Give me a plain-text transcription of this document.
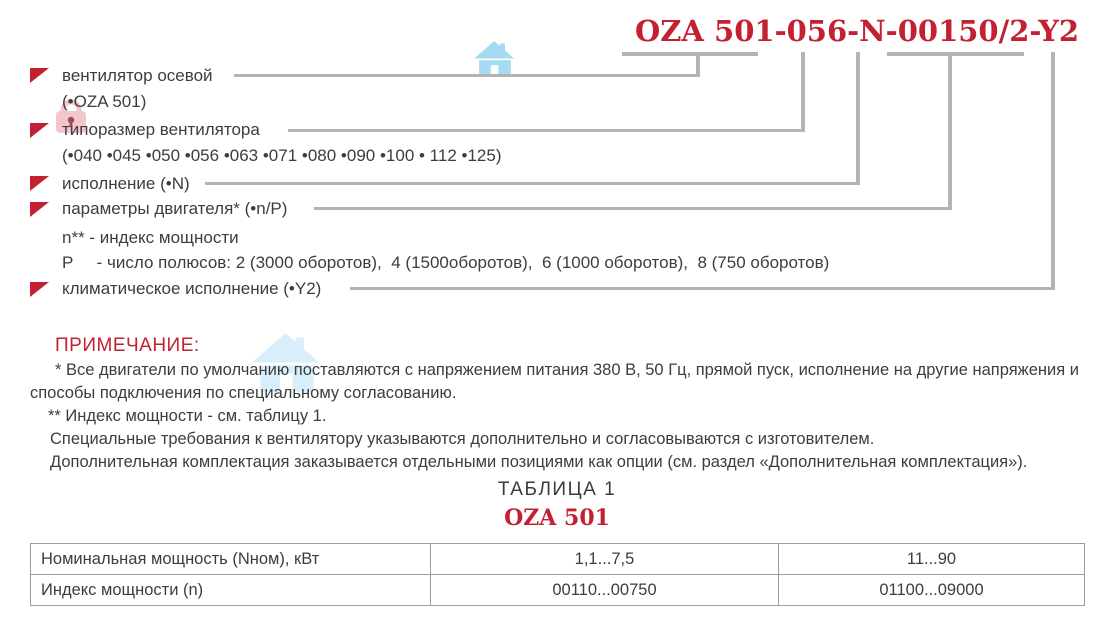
OZA 501-056-N-00150/2-Y2
вентилятор осевой
(•OZA 501)
типоразмер вентилятора
(•040 •045 •050 •056 •063 •071 •080 •090 •100 • 112 •125)
исполнение (•N)
параметры двигателя* (•n/P)
n** - индекс мощности
P     - число полюсов: 2 (3000 оборотов),  4 (1500оборотов),  6 (1000 оборотов),  8 (750 оборотов)
климатическое исполнение (•Y2)
ПРИМЕЧАНИЕ:

* Все двигатели по умолчанию поставляются с напряжением питания 380 В, 50 Гц, прямой пуск, исполнение на другие напряжения и

способы подключения по специальному согласованию.

** Индекс мощности - см. таблицу 1.

Специальные требования к вентилятору указываются дополнительно и согласовываются с изготовителем.

Дополнительная комплектация заказывается отдельными позициями как опции (см. раздел «Дополнительная комплектация»).

ТАБЛИЦА 1
OZA 501
Номинальная мощность (Nном), кВт	1,1...7,5	11...90
Индекс мощности (n)	00110...00750	01100...09000
